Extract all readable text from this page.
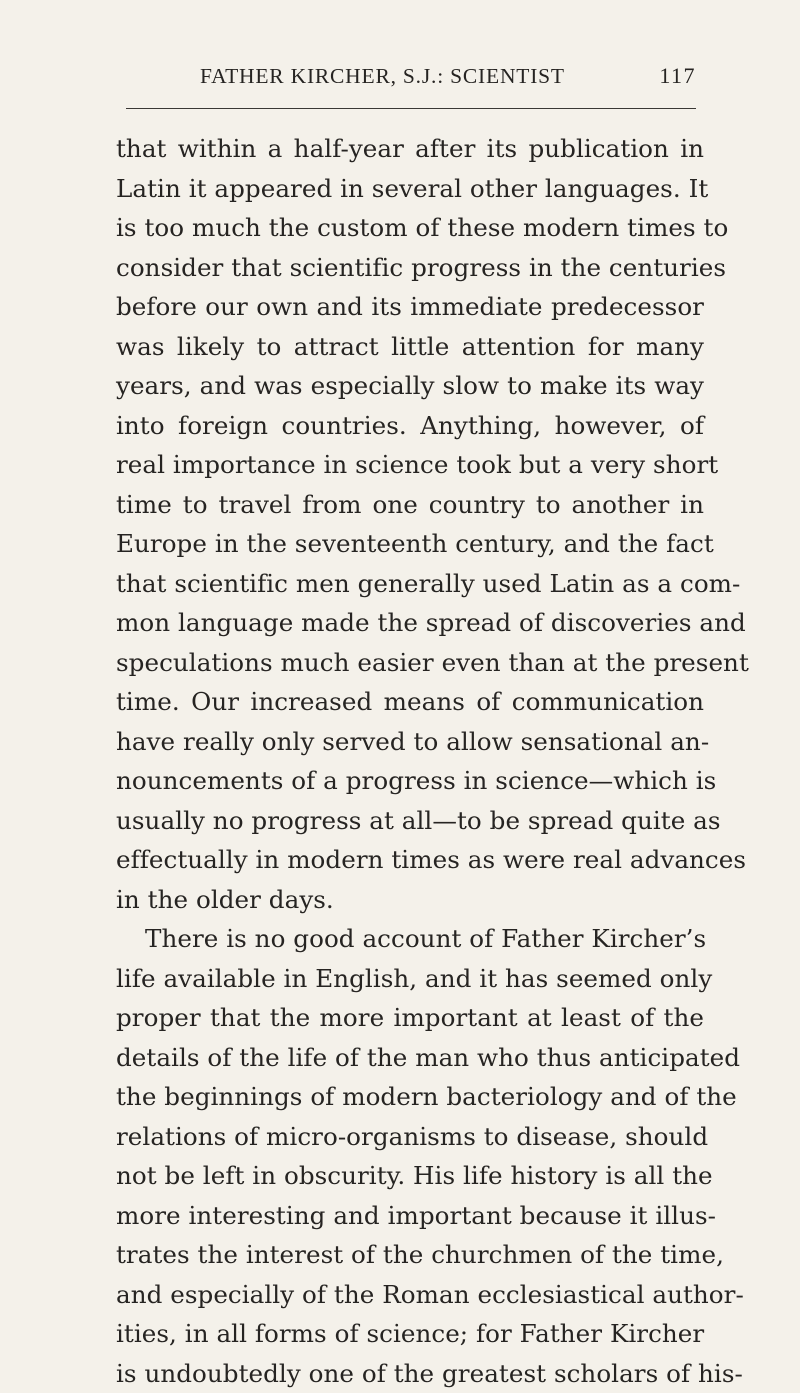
FATHER KIRCHER, S.J.: SCIENTIST	117
that within a half-year after its publication in
Latin it appeared in several other languages. It
is too much the custom of these modern times to
consider that scientific progress in the centuries
before our own and its immediate predecessor
was likely to attract little attention for many
years, and was especially slow to make its way
into foreign countries. Anything, however, of
real importance in science took but a very short
time to travel from one country to another in
Europe in the seventeenth century, and the fact
that scientific men generally used Latin as a com-
mon language made the spread of discoveries and
speculations much easier even than at the present
time. Our increased means of communication
have really only served to allow sensational an-
nouncements of a progress in science—which is
usually no progress at all—to be spread quite as
effectually in modern times as were real advances
in the older days.
There is no good account of Father Kircher’s
life available in English, and it has seemed only
proper that the more important at least of the
details of the life of the man who thus anticipated
the beginnings of modern bacteriology and of the
relations of micro-organisms to disease, should
not be left in obscurity. His life history is all the
more interesting and important because it illus-
trates the interest of the churchmen of the time,
and especially of the Roman ecclesiastical author-
ities, in all forms of science; for Father Kircher
is undoubtedly one of the greatest scholars of his-
